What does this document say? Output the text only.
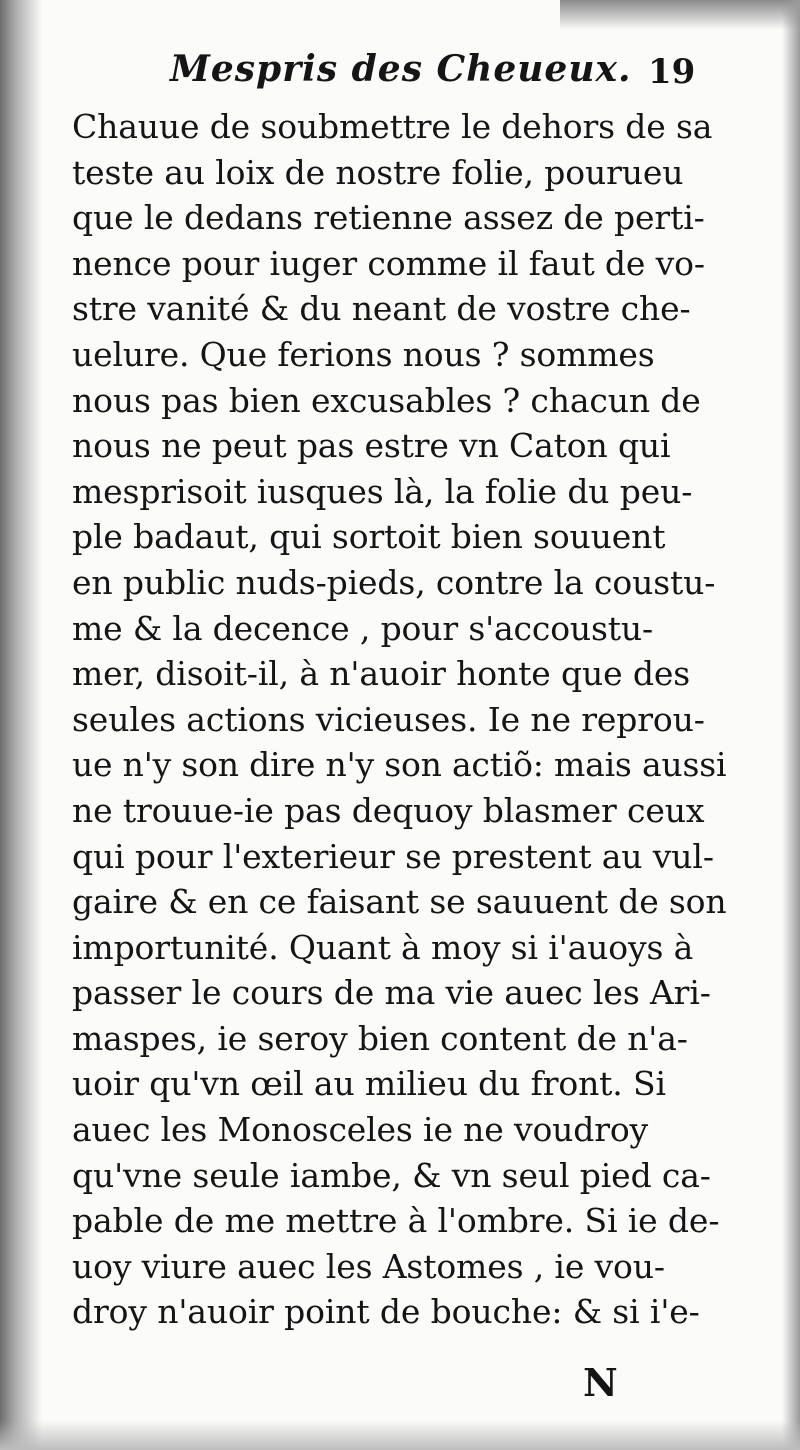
Mespris des Cheueux. 19
Chauue de soubmettre le dehors de sa
teste au loix de nostre folie, pourueu
que le dedans retienne assez de perti-
nence pour iuger comme il faut de vo-
stre vanité & du neant de vostre che-
uelure. Que ferions nous ? sommes
nous pas bien excusables ? chacun de
nous ne peut pas estre vn Caton qui
mesprisoit iusques là, la folie du peu-
ple badaut, qui sortoit bien souuent
en public nuds-pieds, contre la coustu-
me & la decence , pour s'accoustu-
mer, disoit-il, à n'auoir honte que des
seules actions vicieuses. Ie ne reprou-
ue n'y son dire n'y son actiõ: mais aussi
ne trouue-ie pas dequoy blasmer ceux
qui pour l'exterieur se prestent au vul-
gaire & en ce faisant se sauuent de son
importunité. Quant à moy si i'auoys à
passer le cours de ma vie auec les Ari-
maspes, ie seroy bien content de n'a-
uoir qu'vn œil au milieu du front. Si
auec les Monosceles ie ne voudroy
qu'vne seule iambe, & vn seul pied ca-
pable de me mettre à l'ombre. Si ie de-
uoy viure auec les Astomes , ie vou-
droy n'auoir point de bouche: & si i'e-
N
